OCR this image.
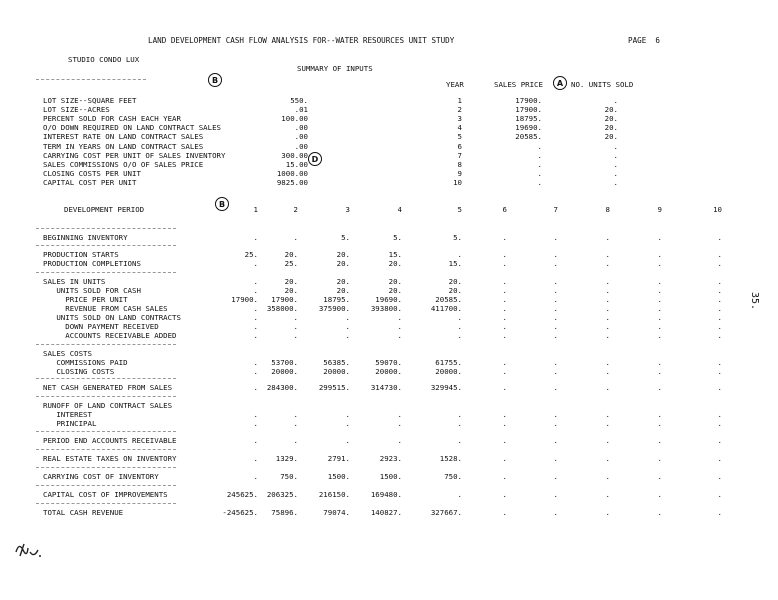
LAND DEVELOPMENT CASH FLOW ANALYSIS FOR--WATER RESOURCES UNIT STUDY	PAGE  6
STUDIO CONDO LUX
SUMMARY OF INPUTS
B	A
D
B
YEAR	SALES PRICE	NO. UNITS SOLD
LOT SIZE--SQUARE FEET	550.
LOT SIZE--ACRES	.01
PERCENT SOLD FOR CASH EACH YEAR	100.00
O/O DOWN REQUIRED ON LAND CONTRACT SALES	.00
INTEREST RATE ON LAND CONTRACT SALES	.00
TERM IN YEARS ON LAND CONTRACT SALES	.00
CARRYING COST PER UNIT OF SALES INVENTORY	300.00
SALES COMMISSIONS O/O OF SALES PRICE	15.00
CLOSING COSTS PER UNIT	1000.00
CAPITAL COST PER UNIT	9825.00
1	17900.	.
2	17900.	20.
3	18795.	20.
4	19690.	20.
5	20585.	20.
6	.	.
7	.	.
8	.	.
9	.	.
10	.	.
DEVELOPMENT PERIOD	1	2	3	4	5	6	7	8	9	10
BEGINNING INVENTORY	.	.	5.	5.	5.	.	.	.	.	.
PRODUCTION STARTS	25.	20.	20.	15.	.	.	.	.	.	.
PRODUCTION COMPLETIONS	.	25.	20.	20.	15.	.	.	.	.	.
SALES IN UNITS	.	20.	20.	20.	20.	.	.	.	.	.
UNITS SOLD FOR CASH	.	20.	20.	20.	20.	.	.	.	.	.
PRICE PER UNIT	17900.	17900.	18795.	19690.	20585.	.	.	.	.	.
REVENUE FROM CASH SALES	.	358000.	375900.	393800.	411700.	.	.	.	.	.
UNITS SOLD ON LAND CONTRACTS	.	.	.	.	.	.	.	.	.	.
DOWN PAYMENT RECEIVED	.	.	.	.	.	.	.	.	.	.
ACCOUNTS RECEIVABLE ADDED	.	.	.	.	.	.	.	.	.	.
SALES COSTS
COMMISSIONS PAID	.	53700.	56385.	59070.	61755.	.	.	.	.	.
CLOSING COSTS	.	20000.	20000.	20000.	20000.	.	.	.	.	.
NET CASH GENERATED FROM SALES	.	284300.	299515.	314730.	329945.	.	.	.	.	.
RUNOFF OF LAND CONTRACT SALES
INTEREST	.	.	.	.	.	.	.	.	.	.
PRINCIPAL	.	.	.	.	.	.	.	.	.	.
PERIOD END ACCOUNTS RECEIVABLE	.	.	.	.	.	.	.	.	.	.
REAL ESTATE TAXES ON INVENTORY	.	1329.	2791.	2923.	1528.	.	.	.	.	.
CARRYING COST OF INVENTORY	.	750.	1500.	1500.	750.	.	.	.	.	.
CAPITAL COST OF IMPROVEMENTS	245625.	206325.	216150.	169480.	.	.	.	.	.	.
TOTAL CASH REVENUE	-245625.	75896.	79074.	140827.	327667.	.	.	.	.	.
35.
